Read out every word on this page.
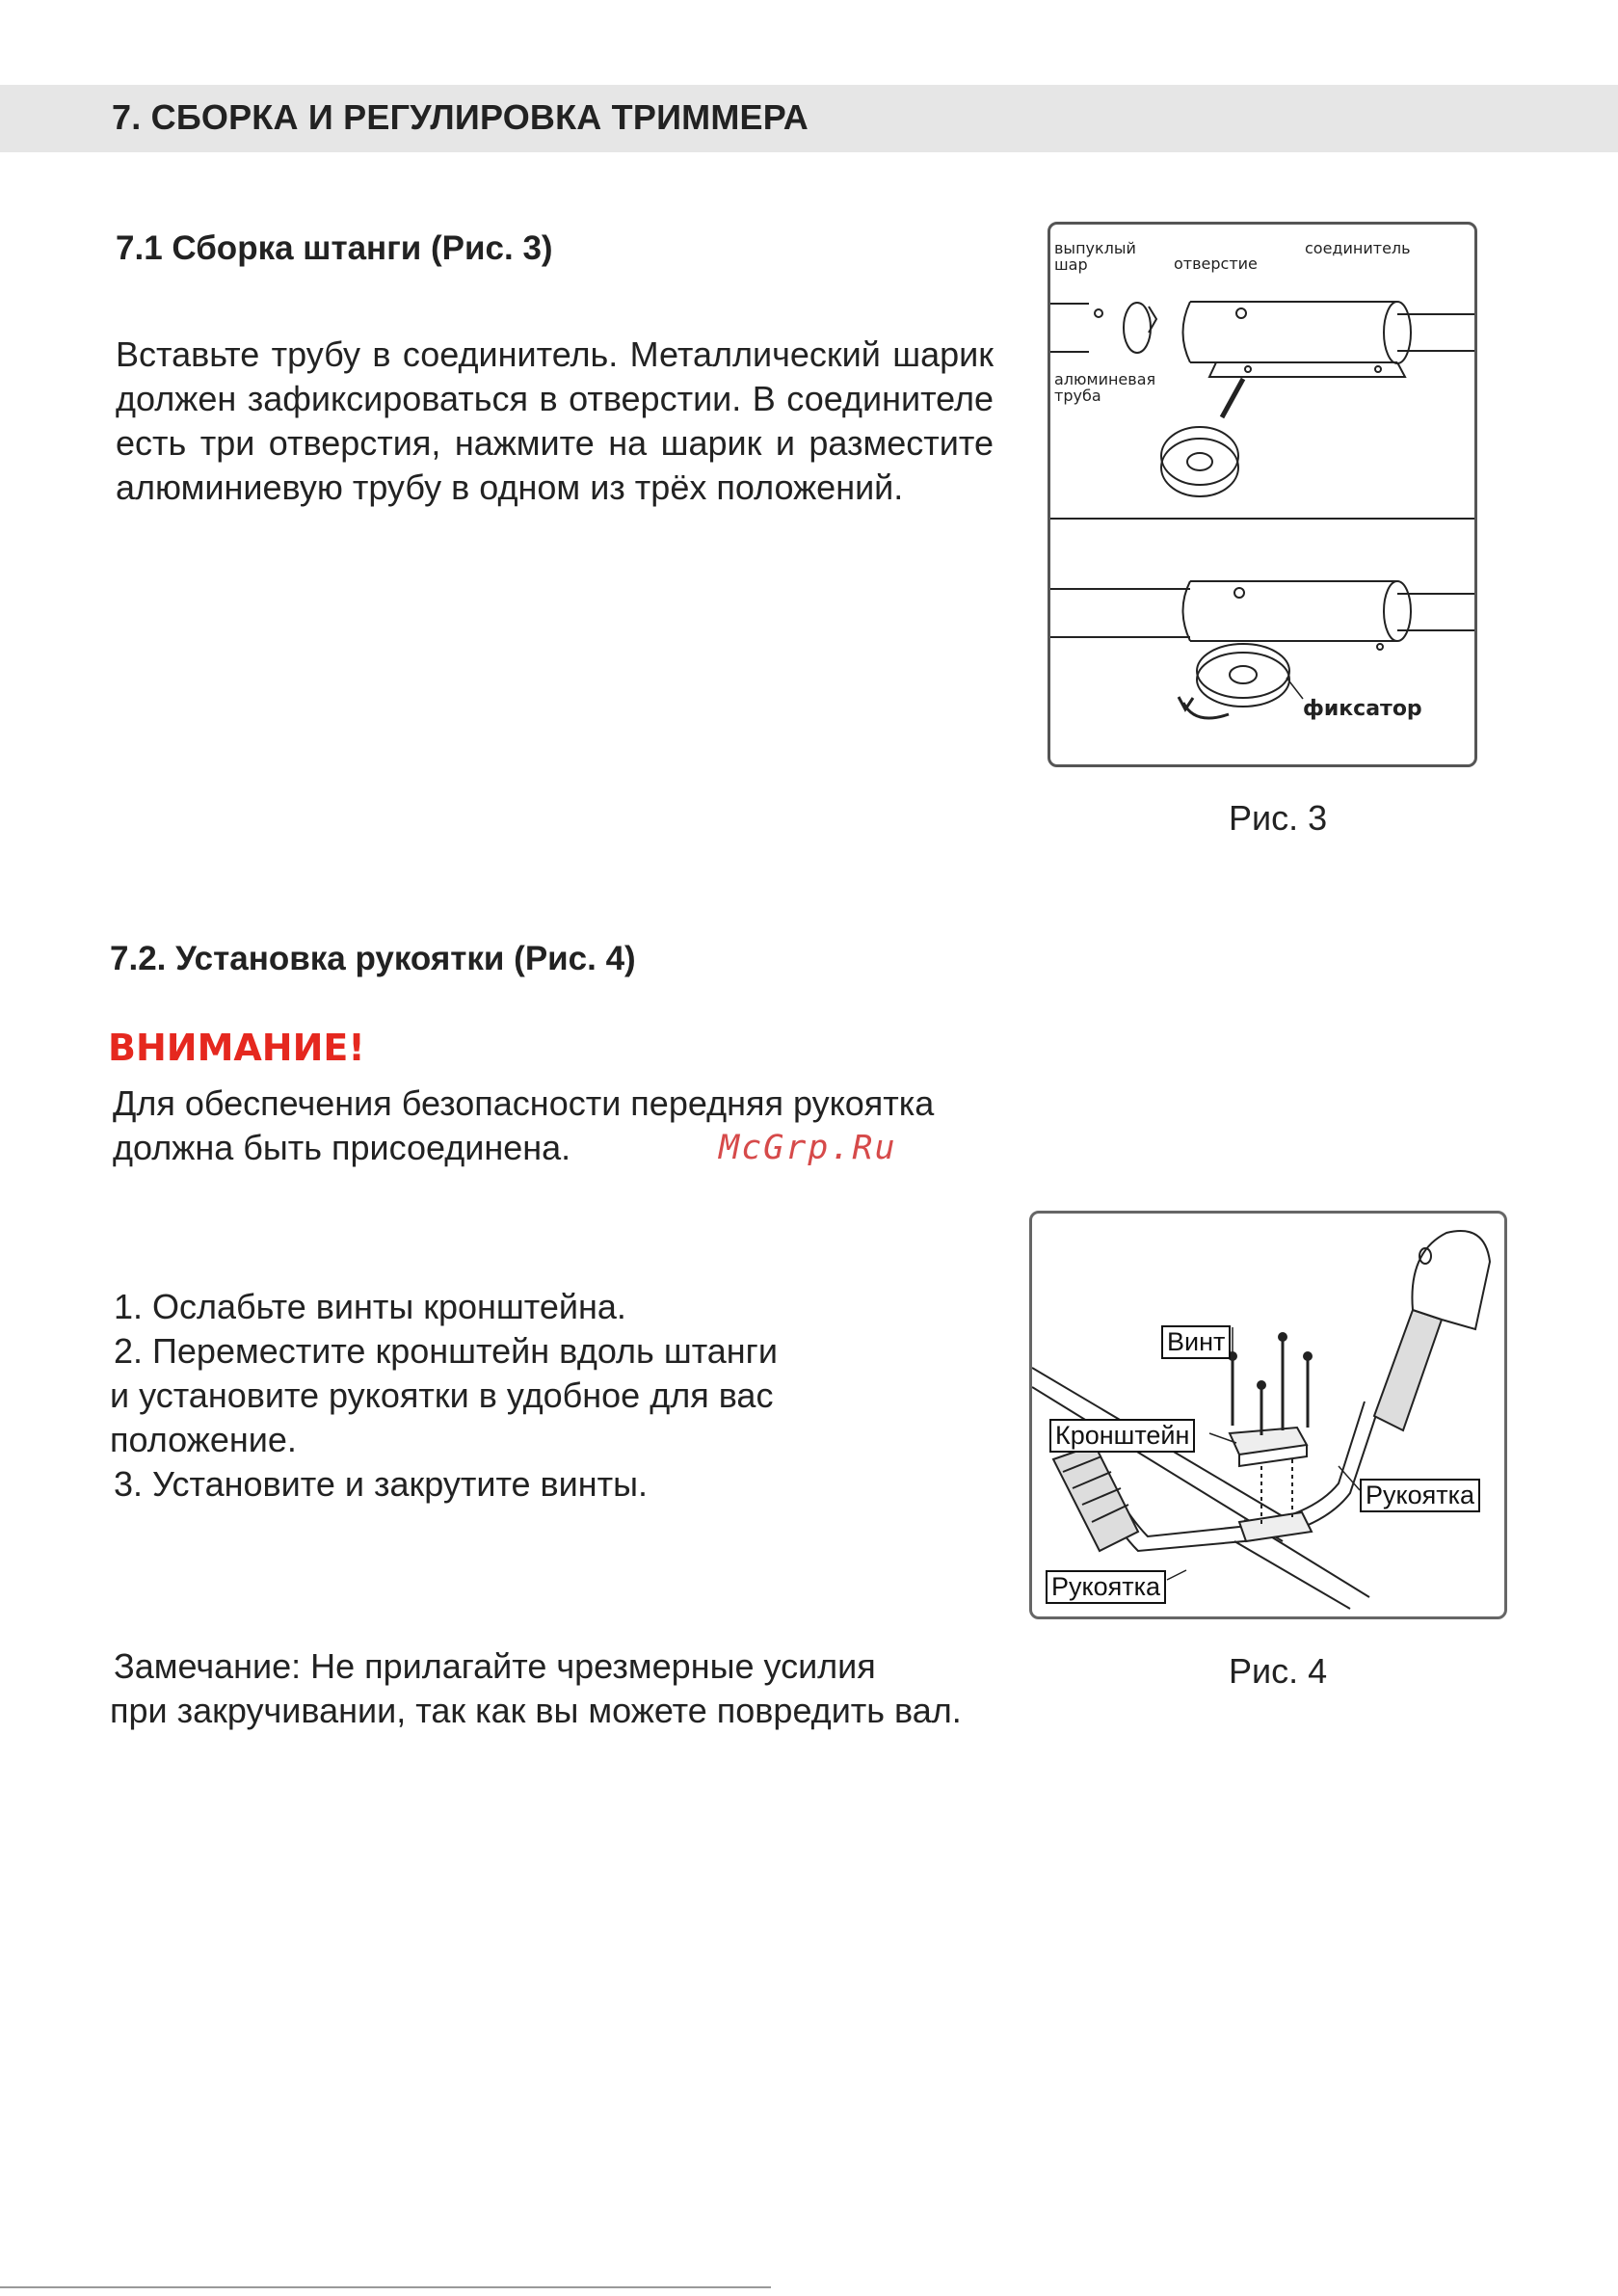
7. СБОРКА И РЕГУЛИРОВКА ТРИММЕРА
7.1 Сборка штанги (Рис. 3)
Вставьте трубу в соединитель. Металлический шарик должен зафиксироваться в отверстии. В соединителе есть три отверстия, нажмите на шарик и разместите алюминиевую трубу в одном из трёх положений.
выпуклый шар	отверстие
соединитель
алюминевая труба
фиксатор
Рис. 3
7.2. Установка рукоятки (Рис. 4)
ВНИМАНИЕ!
Для обеспечения безопасности передняя рукоятка
должна быть присоединена.	McGrp.Ru
1. Ослабьте винты кронштейна.
2. Переместите кронштейн вдоль штанги
и установите рукоятки в удобное для вас
положение.
3. Установите и закрутите винты.
Винт
Кронштейн
Рукоятка
Рукоятка
Рис. 4
Замечание: Не прилагайте чрезмерные усилия
при закручивании, так как вы можете повредить вал.
